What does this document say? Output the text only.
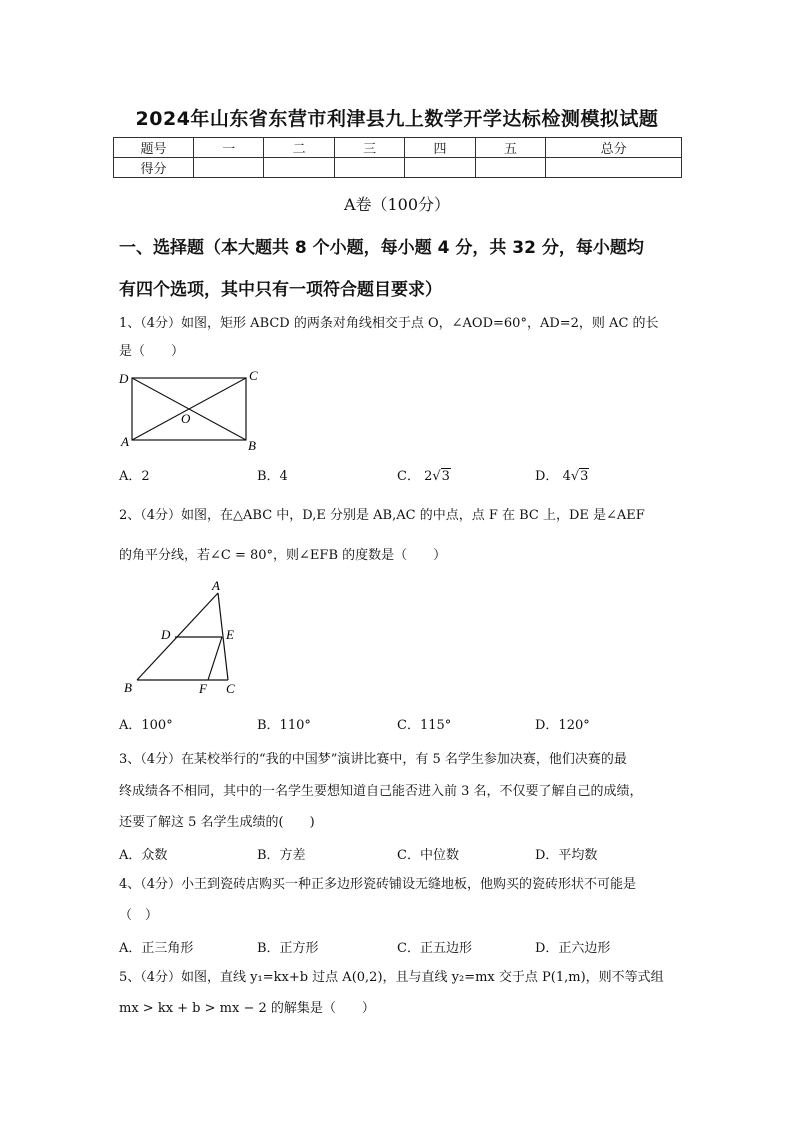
2024年山东省东营市利津县九上数学开学达标检测模拟试题
题号	一	二	三	四	五	总分
得分						
A卷（100分）
一、选择题（本大题共 8 个小题，每小题 4 分，共 32 分，每小题均
有四个选项，其中只有一项符合题目要求）
1、（4分）如图，矩形 ABCD 的两条对角线相交于点 O，∠AOD=60°，AD=2，则 AC 的长
是（　　）
D	C
A	B
O
A．2	B．4	C． 2√3	D． 4√3
2、（4分）如图，在△ABC 中，D,E 分别是 AB,AC 的中点，点 F 在 BC 上，DE 是∠AEF
的角平分线，若∠C = 80°，则∠EFB 的度数是（　　）
A
D	E
B	F C
A．100°	B．110°	C．115°	D．120°
3、（4分）在某校举行的“我的中国梦”演讲比赛中，有 5 名学生参加决赛，他们决赛的最
终成绩各不相同，其中的一名学生要想知道自己能否进入前 3 名，不仅要了解自己的成绩，
还要了解这 5 名学生成绩的(　　)
A．众数	B．方差	C．中位数	D．平均数
4、（4分）小王到瓷砖店购买一种正多边形瓷砖铺设无缝地板，他购买的瓷砖形状不可能是
（　）
A．正三角形	B．正方形	C．正五边形	D．正六边形
5、（4分）如图，直线 y₁=kx+b 过点 A(0,2)，且与直线 y₂=mx 交于点 P(1,m)，则不等式组
mx > kx + b > mx − 2 的解集是（　　）
